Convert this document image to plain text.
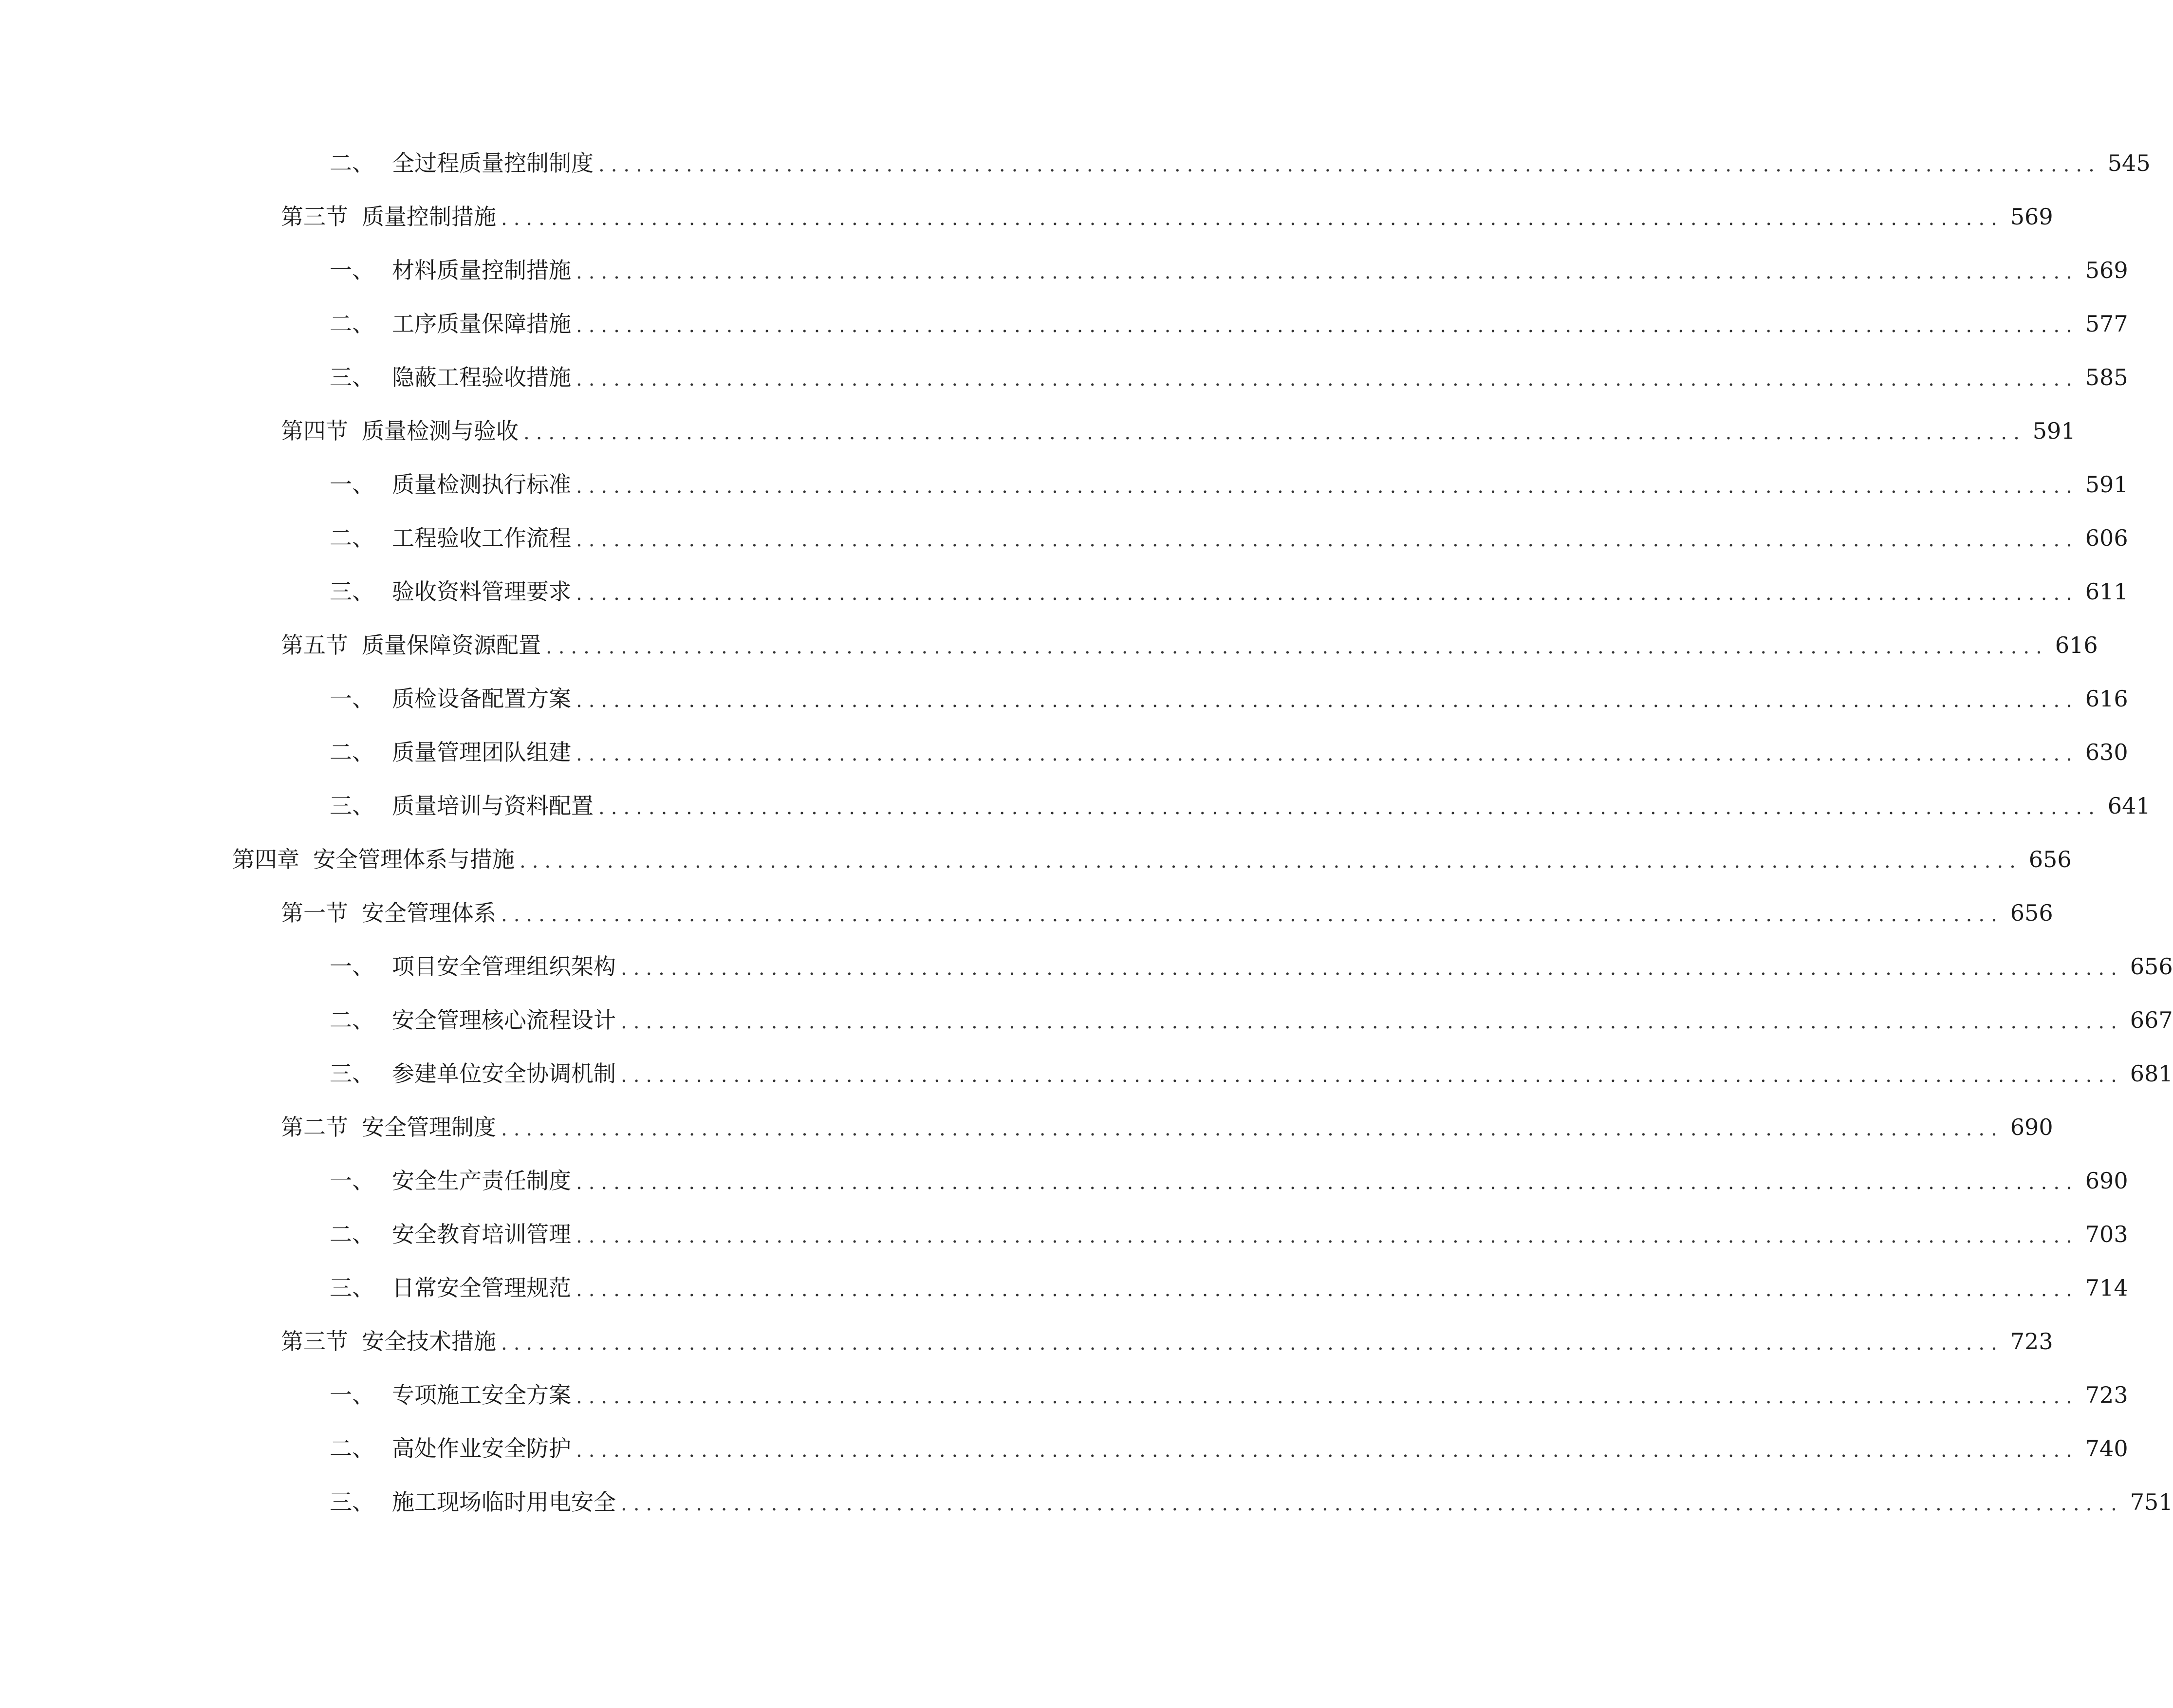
二、 全过程质量控制制度 ........................................................................................................................ 545
第三节 质量控制措施 ........................................................................................................................ 569
一、 材料质量控制措施 ........................................................................................................................ 569
二、 工序质量保障措施 ........................................................................................................................ 577
三、 隐蔽工程验收措施 ........................................................................................................................ 585
第四节 质量检测与验收 ........................................................................................................................ 591
一、 质量检测执行标准 ........................................................................................................................ 591
二、 工程验收工作流程 ........................................................................................................................ 606
三、 验收资料管理要求 ........................................................................................................................ 611
第五节 质量保障资源配置 ........................................................................................................................ 616
一、 质检设备配置方案 ........................................................................................................................ 616
二、 质量管理团队组建 ........................................................................................................................ 630
三、 质量培训与资料配置 ........................................................................................................................ 641
第四章 安全管理体系与措施 ........................................................................................................................ 656
第一节 安全管理体系 ........................................................................................................................ 656
一、 项目安全管理组织架构 ........................................................................................................................ 656
二、 安全管理核心流程设计 ........................................................................................................................ 667
三、 参建单位安全协调机制 ........................................................................................................................ 681
第二节 安全管理制度 ........................................................................................................................ 690
一、 安全生产责任制度 ........................................................................................................................ 690
二、 安全教育培训管理 ........................................................................................................................ 703
三、 日常安全管理规范 ........................................................................................................................ 714
第三节 安全技术措施 ........................................................................................................................ 723
一、 专项施工安全方案 ........................................................................................................................ 723
二、 高处作业安全防护 ........................................................................................................................ 740
三、 施工现场临时用电安全 ........................................................................................................................ 751
